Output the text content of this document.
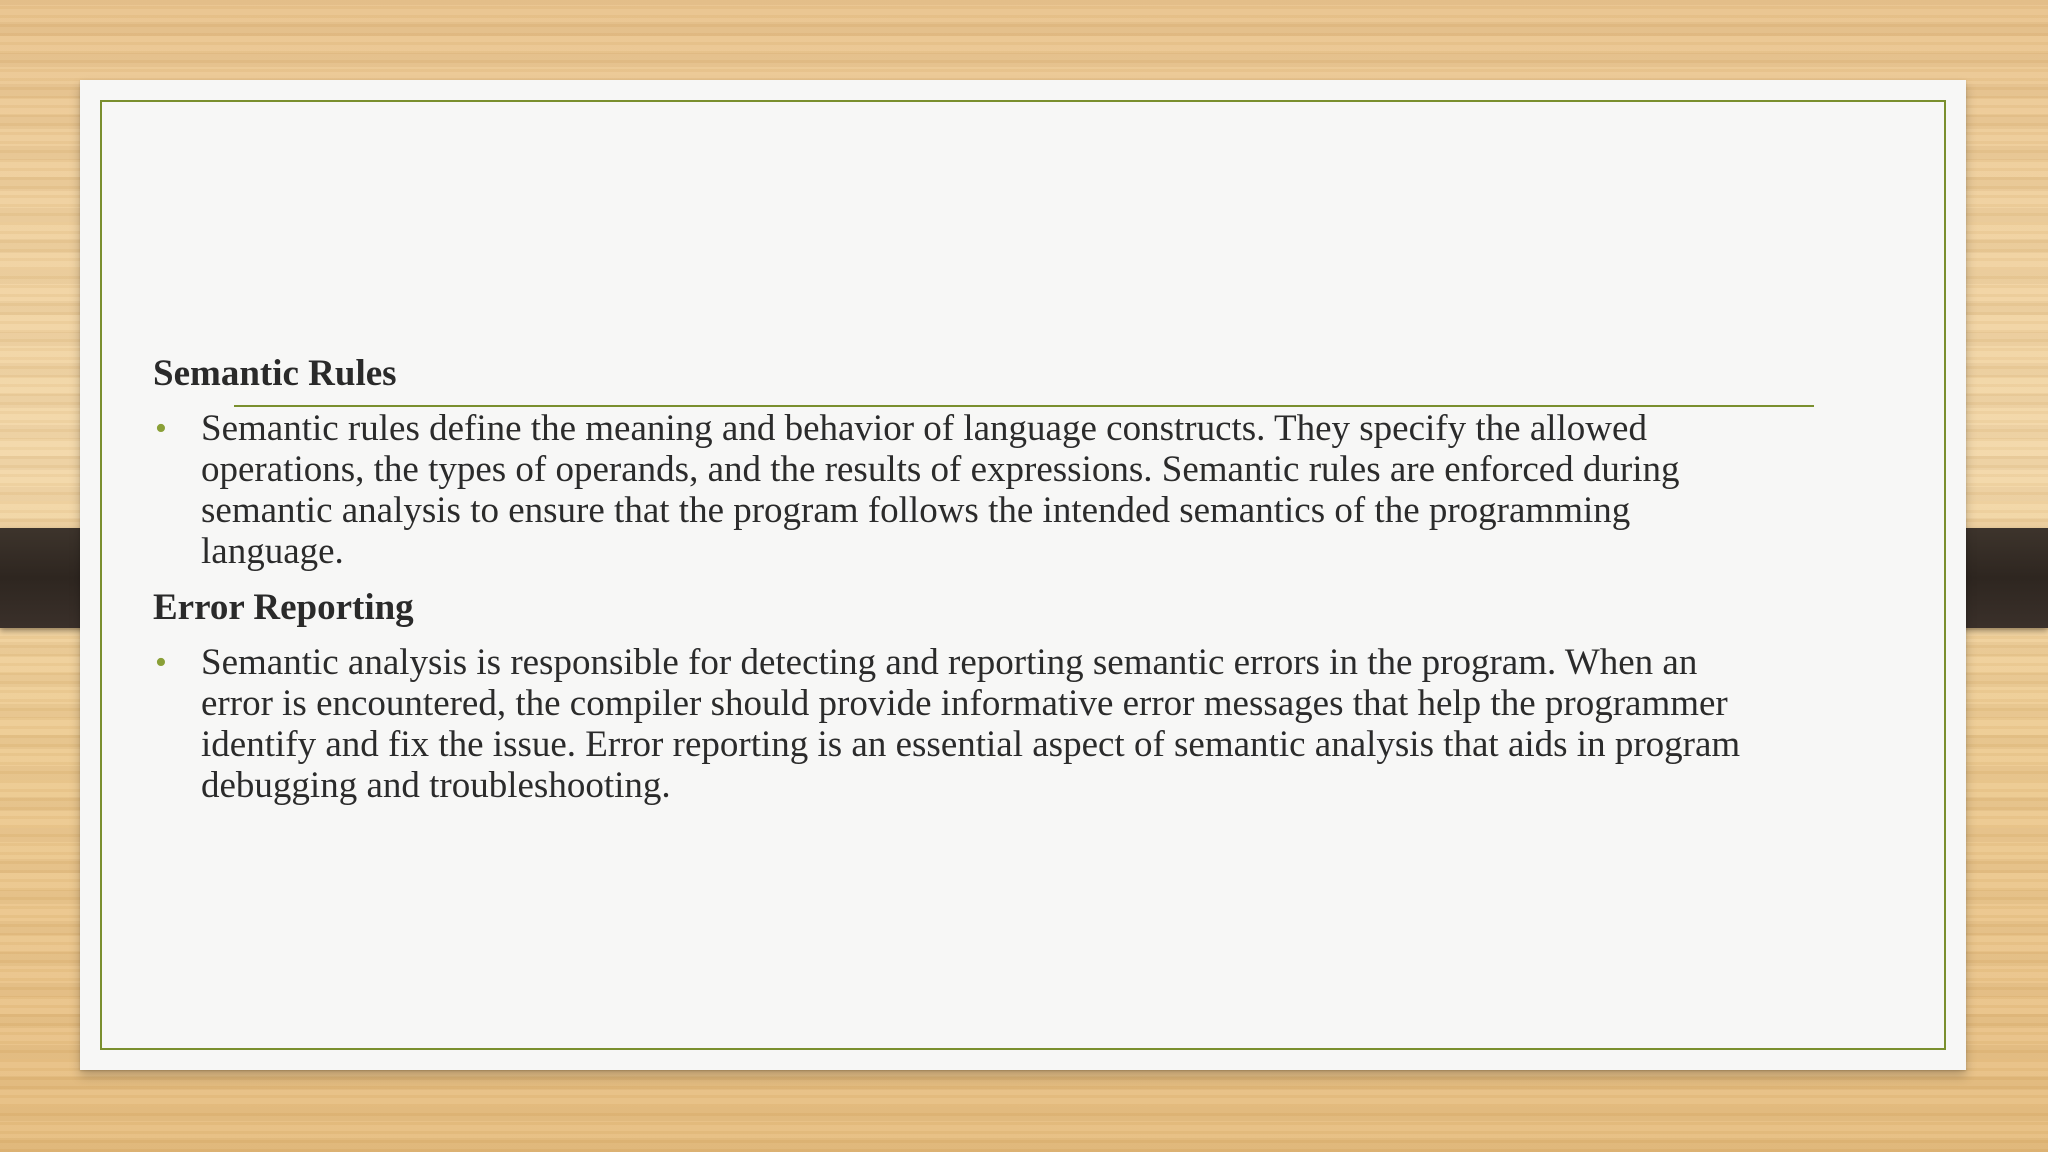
Semantic Rules
• Semantic rules define the meaning and behavior of language constructs. They specify the allowed operations, the types of operands, and the results of expressions. Semantic rules are enforced during semantic analysis to ensure that the program follows the intended semantics of the programming language.
Error Reporting
• Semantic analysis is responsible for detecting and reporting semantic errors in the program. When an error is encountered, the compiler should provide informative error messages that help the programmer identify and fix the issue. Error reporting is an essential aspect of semantic analysis that aids in program debugging and troubleshooting.
